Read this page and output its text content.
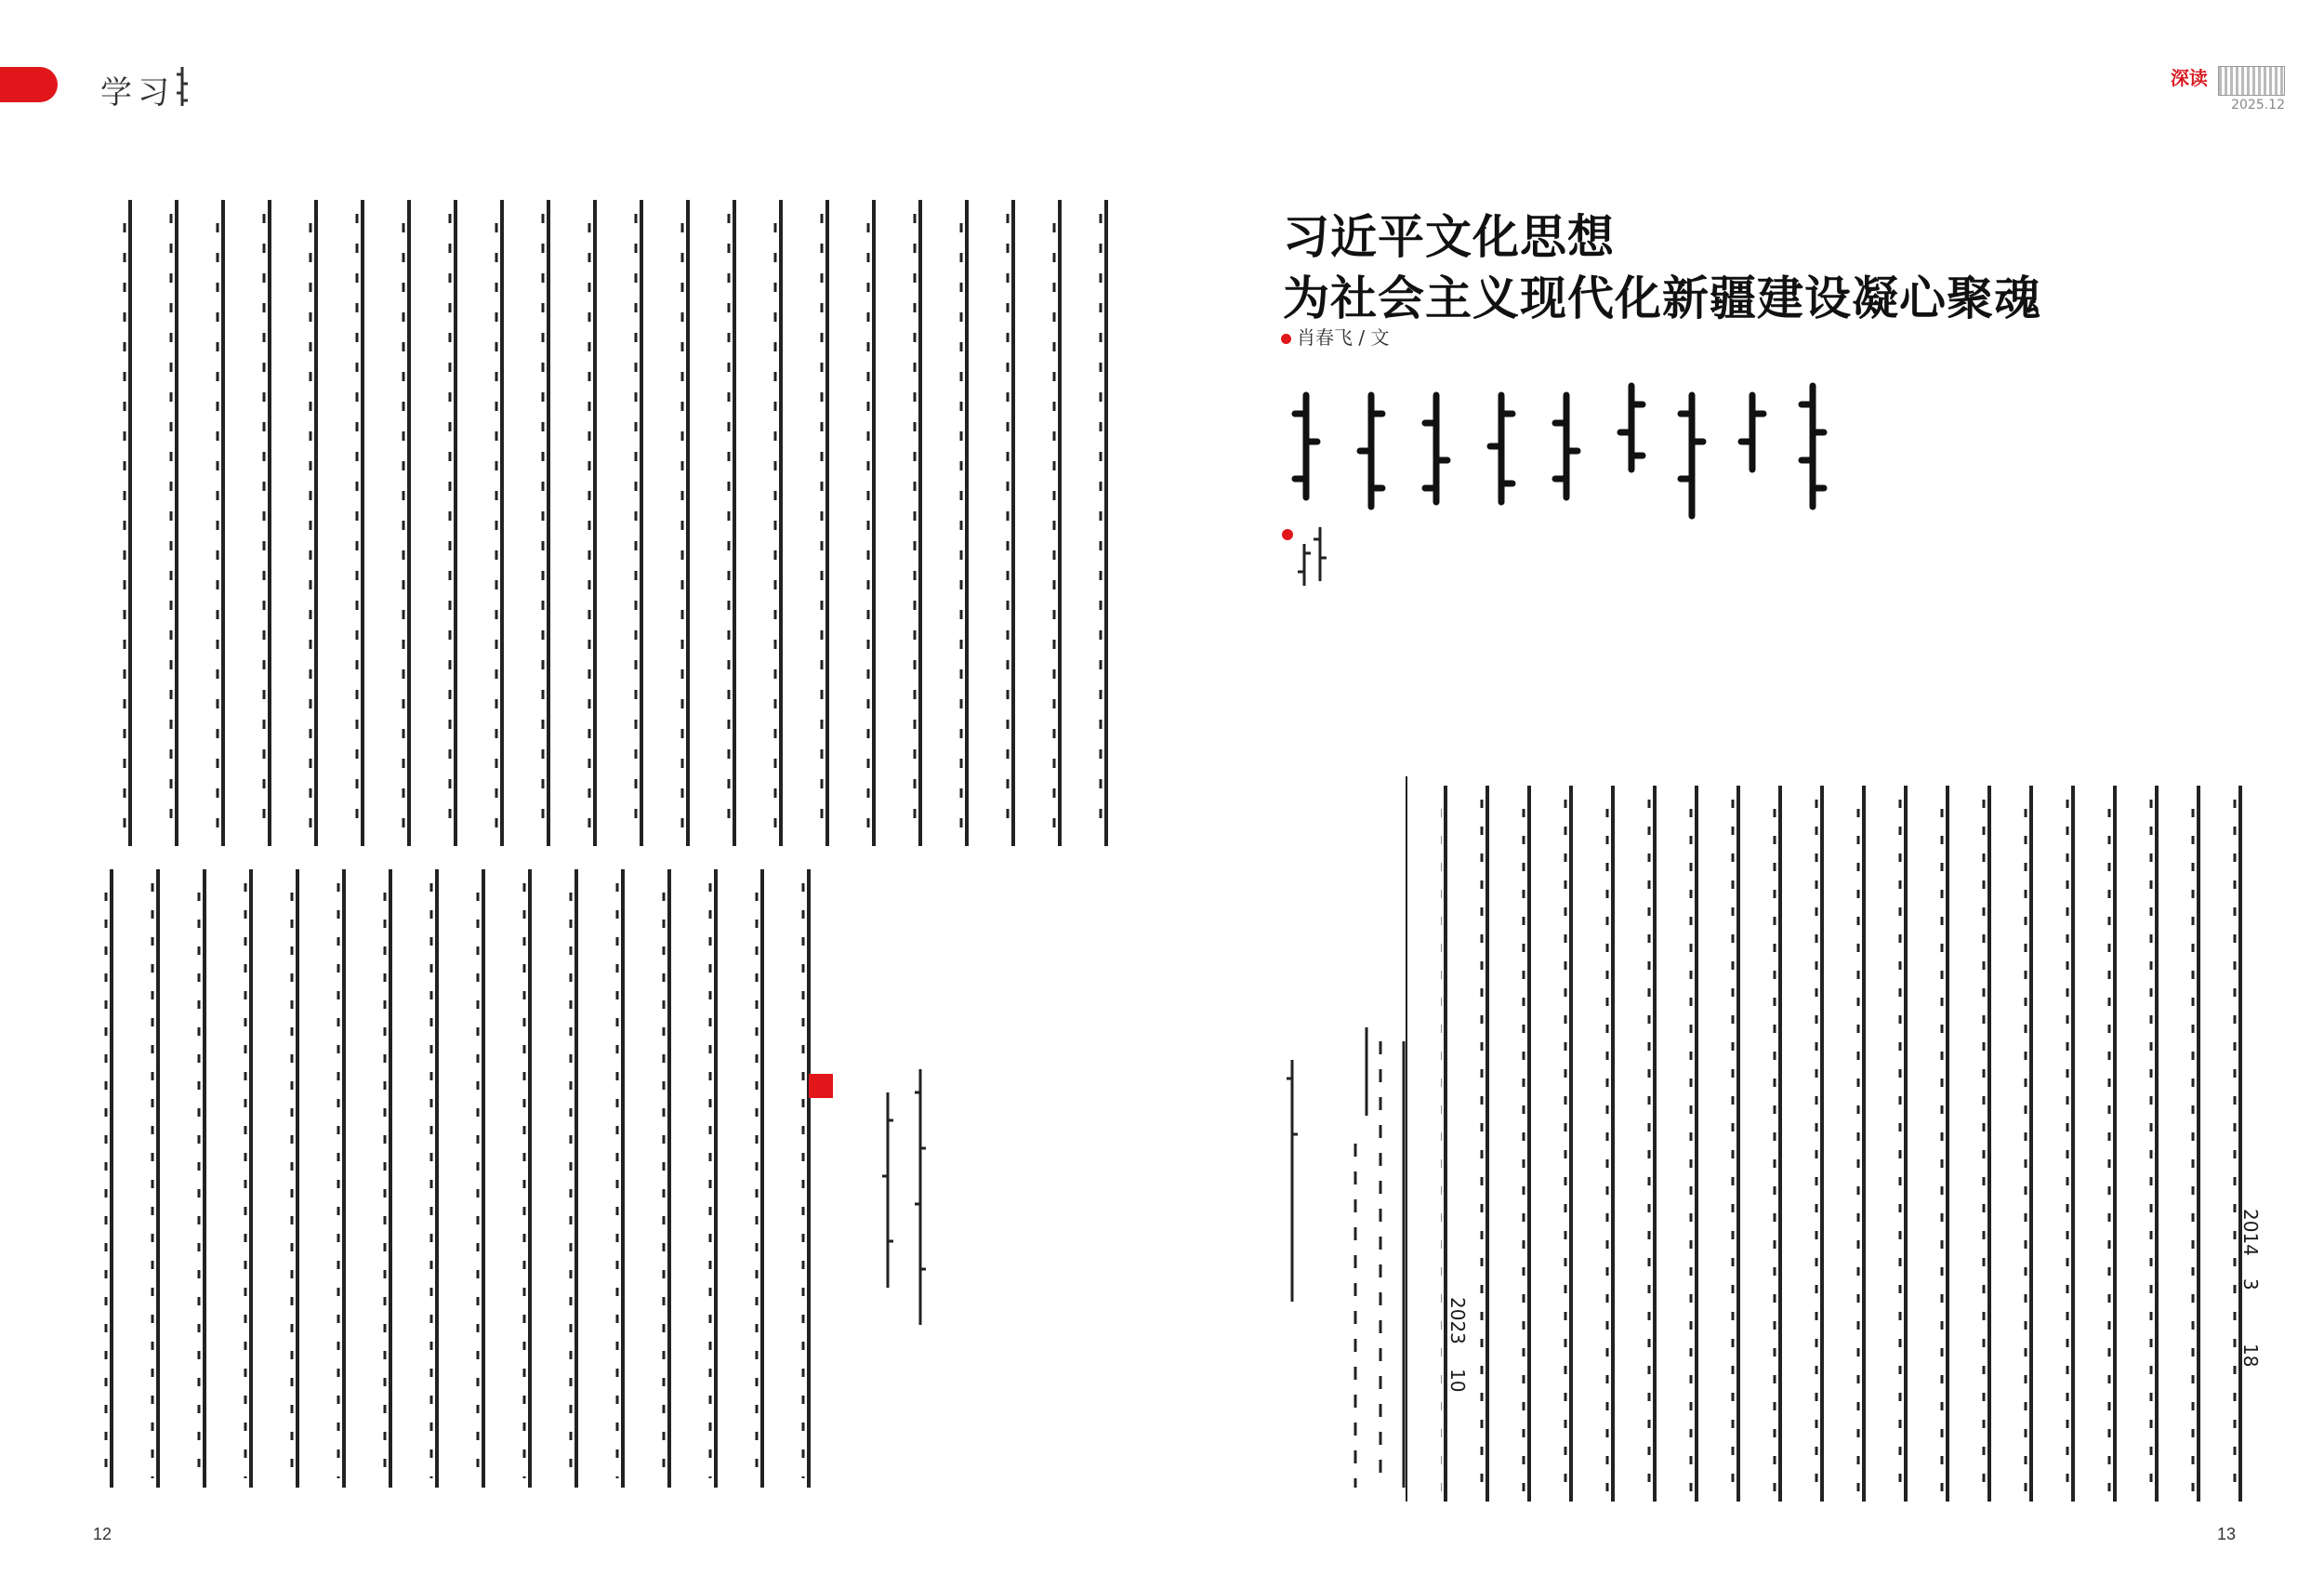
学习	深读
2025.12
习近平文化思想
为社会主义现代化新疆建设凝心聚魂
肖春飞 / 文
2014
3
18
2023
10
12	13
